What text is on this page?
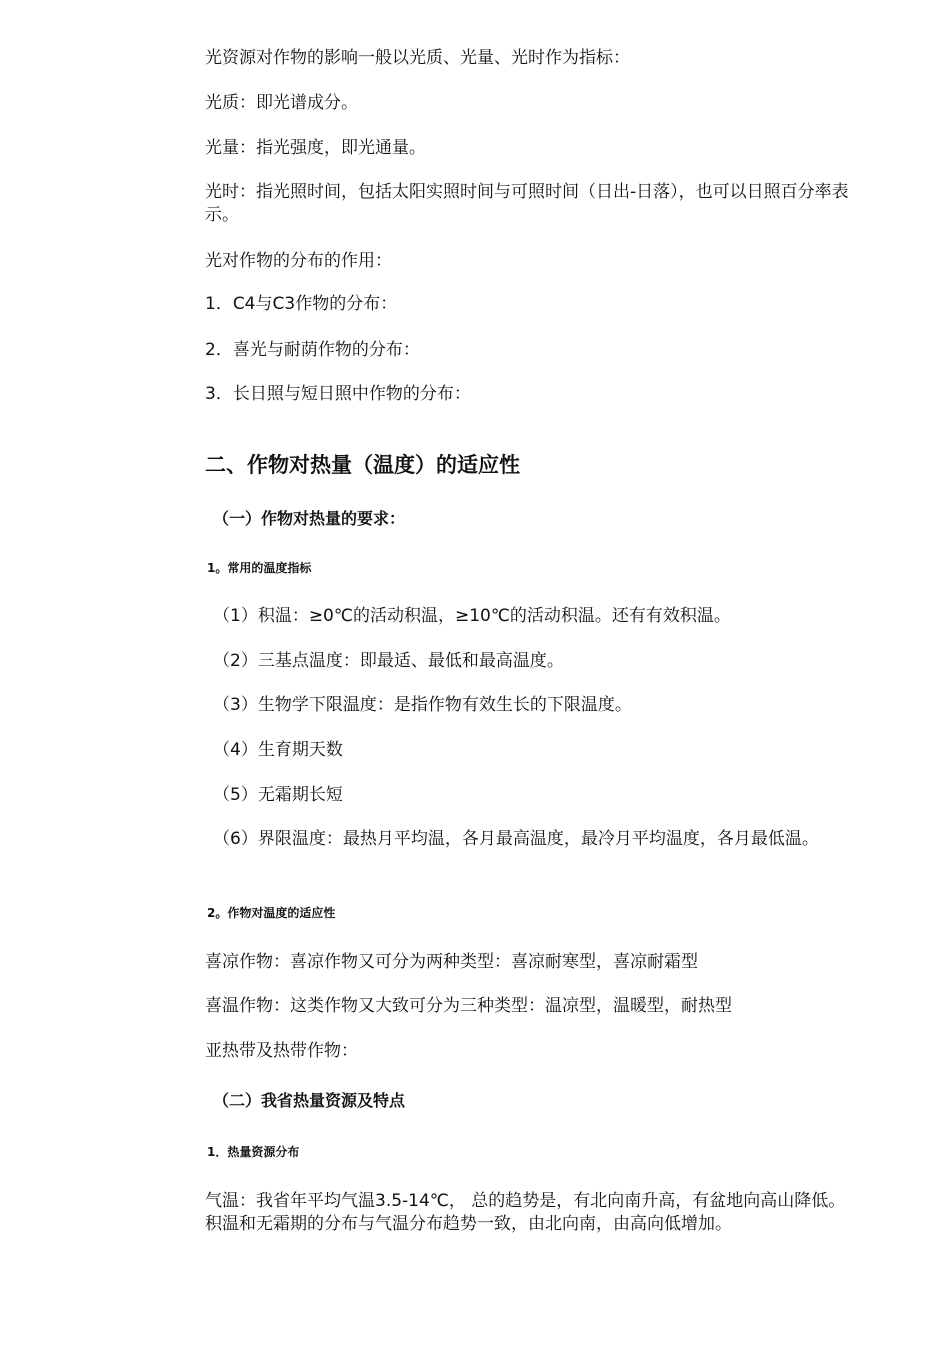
光资源对作物的影响一般以光质、光量、光时作为指标：

光质：即光谱成分。

光量：指光强度，即光通量。

光时：指光照时间，包括太阳实照时间与可照时间（日出-日落），也可以日照百分率表示。

光对作物的分布的作用：

1．C4与C3作物的分布：

2．喜光与耐荫作物的分布：

3．长日照与短日照中作物的分布：

二、作物对热量（温度）的适应性
（一）作物对热量的要求：
1。常用的温度指标

（1）积温：≥0℃的活动积温，≥10℃的活动积温。还有有效积温。

（2）三基点温度：即最适、最低和最高温度。

（3）生物学下限温度：是指作物有效生长的下限温度。

（4）生育期天数

（5）无霜期长短

（6）界限温度：最热月平均温，各月最高温度，最冷月平均温度，各月最低温。

2。作物对温度的适应性

喜凉作物：喜凉作物又可分为两种类型：喜凉耐寒型，喜凉耐霜型

喜温作物：这类作物又大致可分为三种类型：温凉型，温暖型，耐热型

亚热带及热带作物：

（二）我省热量资源及特点
1．热量资源分布

气温：我省年平均气温3.5-14℃， 总的趋势是，有北向南升高，有盆地向高山降低。积温和无霜期的分布与气温分布趋势一致，由北向南，由高向低增加。
